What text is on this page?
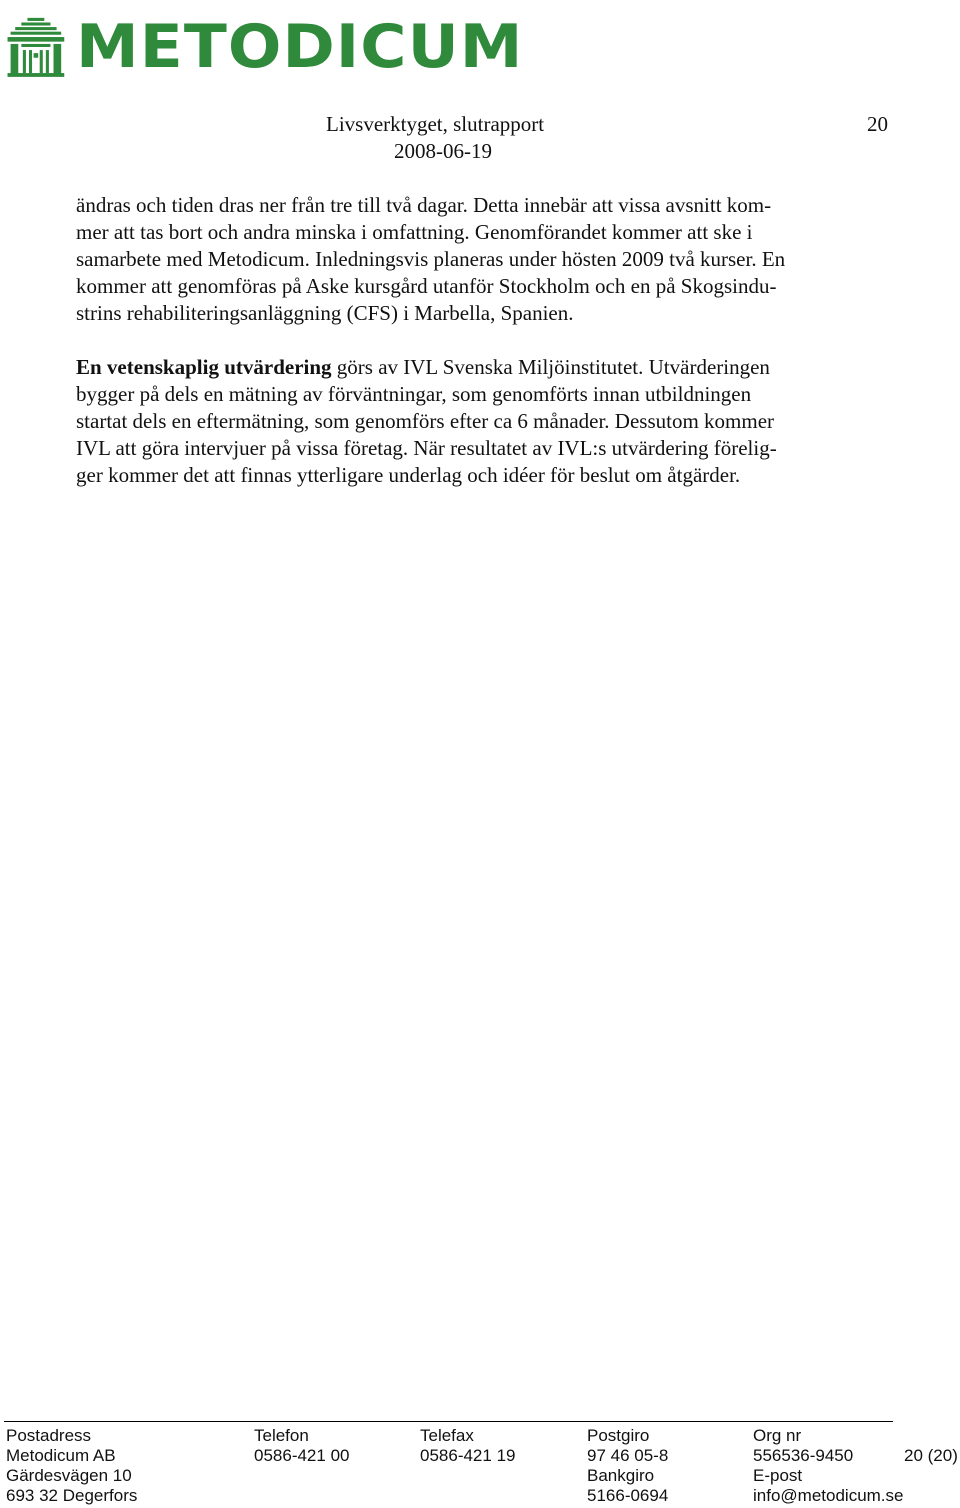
METODICUM
Livsverktyget, slutrapport	20
2008-06-19
ändras och tiden dras ner från tre till två dagar. Detta innebär att vissa avsnitt kom-
mer att tas bort och andra minska i omfattning. Genomförandet kommer att ske i
samarbete med Metodicum. Inledningsvis planeras under hösten 2009 två kurser. En
kommer att genomföras på Aske kursgård utanför Stockholm och en på Skogsindu-
strins rehabiliteringsanläggning (CFS) i Marbella, Spanien.
En vetenskaplig utvärdering görs av IVL Svenska Miljöinstitutet. Utvärderingen
bygger på dels en mätning av förväntningar, som genomförts innan utbildningen
startat dels en eftermätning, som genomförs efter ca 6 månader. Dessutom kommer
IVL att göra intervjuer på vissa företag. När resultatet av IVL:s utvärdering förelig-
ger kommer det att finnas ytterligare underlag och idéer för beslut om åtgärder.
Postadress
Metodicum AB
Gärdesvägen 10
693 32 Degerfors
Telefon
0586-421 00
Telefax
0586-421 19
Postgiro
97 46 05-8
Bankgiro
5166-0694
Org nr
556536-9450
E-post
info@metodicum.se
20 (20)
